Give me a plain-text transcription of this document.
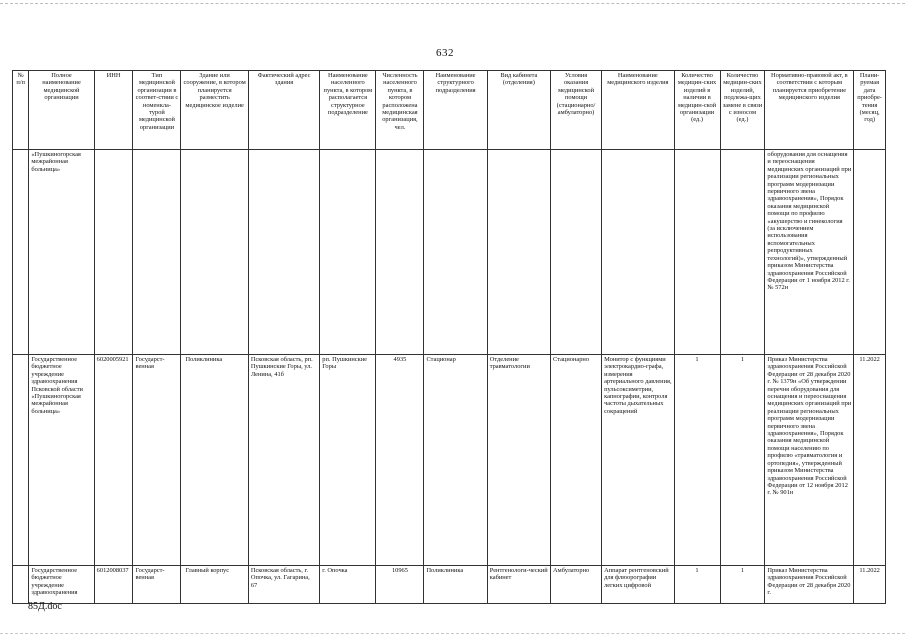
632
№ п/п	Полное наименование медицинской организации	ИНН	Тип медицинской организации в соответ-ствии с номенкла-турой медицинской организации	Здание или сооружение, в котором планируется разместить медицинское изделие	Фактический адрес здания	Наименование населенного пункта, в котором располагается структурное подразделение	Численность населенного пункта, в котором расположена медицинская организация, чел.	Наименование структурного подразделения	Вид кабинета (отделения)	Условия оказания медицинской помощи (стационарно/ амбулаторно)	Наименование медицинского изделия	Количество медицин-ских изделий в наличии в медицин-ской организации (ед.)	Количество медицин-ских изделий, подлежа-щих замене в связи с износом (ед.)	Нормативно-правовой акт, в соответствии с которым планируется приобретение медицинского изделия	Плани-руемая дата приобре-тения (месяц, год)
	«Пушкиногорская межрайонная больница»													оборудования для оснащения и переоснащения медицинских организаций при реализации региональных программ модернизации первичного звена здравоохранения», Порядок оказания медицинской помощи по профилю «акушерство и гинекология (за исключением использования вспомогательных репродуктивных технологий)», утвержденный приказом Министерства здравоохранения Российской Федерации от 1 ноября 2012 г. № 572н	
	Государственное бюджетное учреждение здравоохранения Псковской области «Пушкиногорская межрайонная больница»	6020005921	Государст-венная	Поликлиника	Псковская область, рп. Пушкинские Горы, ул. Ленина, 41б	рп. Пушкинские Горы	4935	Стационар	Отделение травматологии	Стационарно	Монитор с функциями электрокардио-графа, измерения артериального давления, пульсоксиметрии, капнографии, контроля частоты дыхательных сокращений	1	1	Приказ Министерства здравоохранения Российской Федерации от 28 декабря 2020 г. № 1379н «Об утверждении перечня оборудования для оснащения и переоснащения медицинских организаций при реализации региональных программ модернизации первичного звена здравоохранения», Порядок оказания медицинской помощи населению по профилю «травматология и ортопедия», утвержденный приказом Министерства здравоохранения Российской Федерации от 12 ноября 2012 г. № 901н	11.2022
	Государственное бюджетное учреждение здравоохранения	6012008037	Государст-венная	Главный корпус	Псковская область, г. Опочка, ул. Гагарина, 67	г. Опочка	10965	Поликлиника	Рентгенологи-ческий кабинет	Амбулаторно	Аппарат рентгеновский для флюорографии легких цифровой	1	1	Приказ Министерства здравоохранения Российской Федерации от 28 декабря 2020 г.	11.2022
85Д.doc
